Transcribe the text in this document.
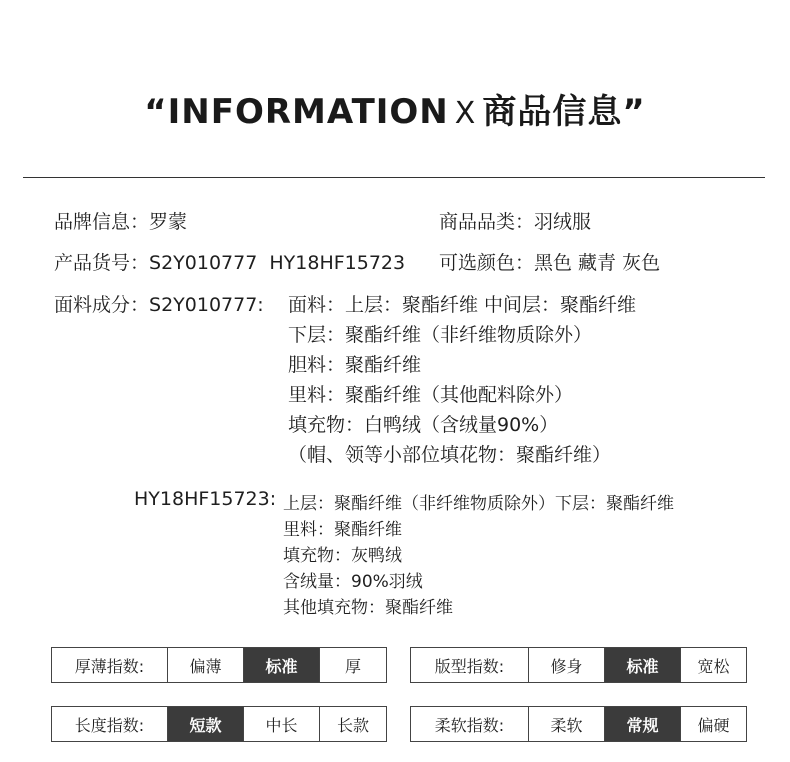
“INFORMATION X 商品信息”
品牌信息：罗蒙	商品品类：羽绒服
产品货号：S2Y010777  HY18HF15723 可选颜色：黑色 藏青 灰色
面料成分：S2Y010777: 面料：上层：聚酯纤维 中间层：聚酯纤维
下层：聚酯纤维（非纤维物质除外）
胆料：聚酯纤维
里料：聚酯纤维（其他配料除外）
填充物：白鸭绒（含绒量90%）
（帽、领等小部位填花物：聚酯纤维）
HY18HF15723: 上层：聚酯纤维（非纤维物质除外）下层：聚酯纤维
里料：聚酯纤维
填充物：灰鸭绒
含绒量：90%羽绒
其他填充物：聚酯纤维
厚薄指数:	偏薄	标准	厚	版型指数:	修身	标准	宽松
长度指数:	短款	中长	长款	柔软指数:	柔软	常规	偏硬
